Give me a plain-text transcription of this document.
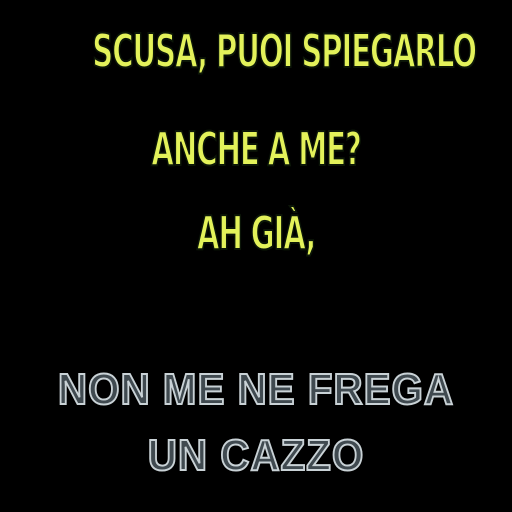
SCUSA, PUOI SPIEGARLO
ANCHE A ME?
AH GIÀ,
NON ME NE FREGA
UN CAZZO
